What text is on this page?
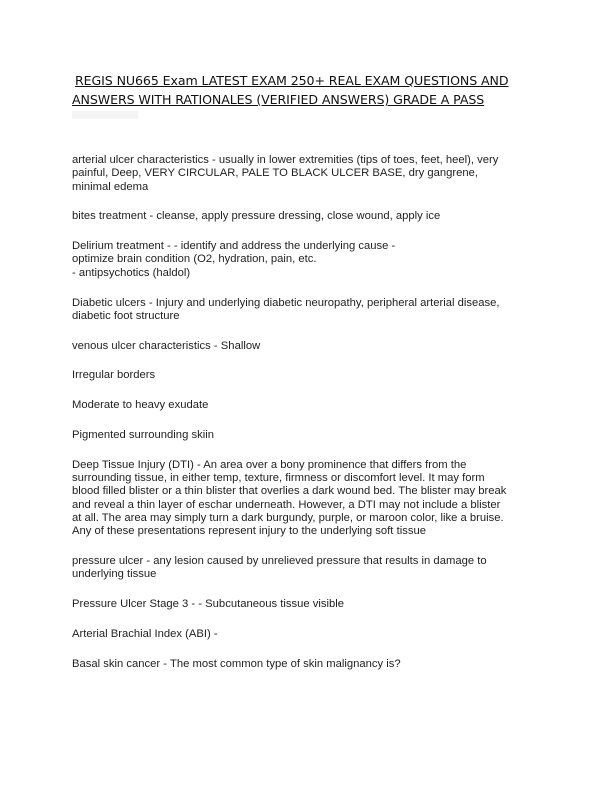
REGIS NU665 Exam LATEST EXAM 250+ REAL EXAM QUESTIONS AND
ANSWERS WITH RATIONALES (VERIFIED ANSWERS) GRADE A PASS
arterial ulcer characteristics - usually in lower extremities (tips of toes, feet, heel), very
painful, Deep, VERY CIRCULAR, PALE TO BLACK ULCER BASE, dry gangrene,
minimal edema
bites treatment - cleanse, apply pressure dressing, close wound, apply ice
Delirium treatment - - identify and address the underlying cause -
optimize brain condition (O2, hydration, pain, etc.
- antipsychotics (haldol)
Diabetic ulcers - Injury and underlying diabetic neuropathy, peripheral arterial disease,
diabetic foot structure
venous ulcer characteristics - Shallow
Irregular borders
Moderate to heavy exudate
Pigmented surrounding skiin
Deep Tissue Injury (DTI) - An area over a bony prominence that differs from the
surrounding tissue, in either temp, texture, firmness or discomfort level. It may form
blood filled blister or a thin blister that overlies a dark wound bed. The blister may break
and reveal a thin layer of eschar underneath. However, a DTI may not include a blister
at all. The area may simply turn a dark burgundy, purple, or maroon color, like a bruise.
Any of these presentations represent injury to the underlying soft tissue
pressure ulcer - any lesion caused by unrelieved pressure that results in damage to
underlying tissue
Pressure Ulcer Stage 3 - - Subcutaneous tissue visible
Arterial Brachial Index (ABI) -
Basal skin cancer - The most common type of skin malignancy is?
